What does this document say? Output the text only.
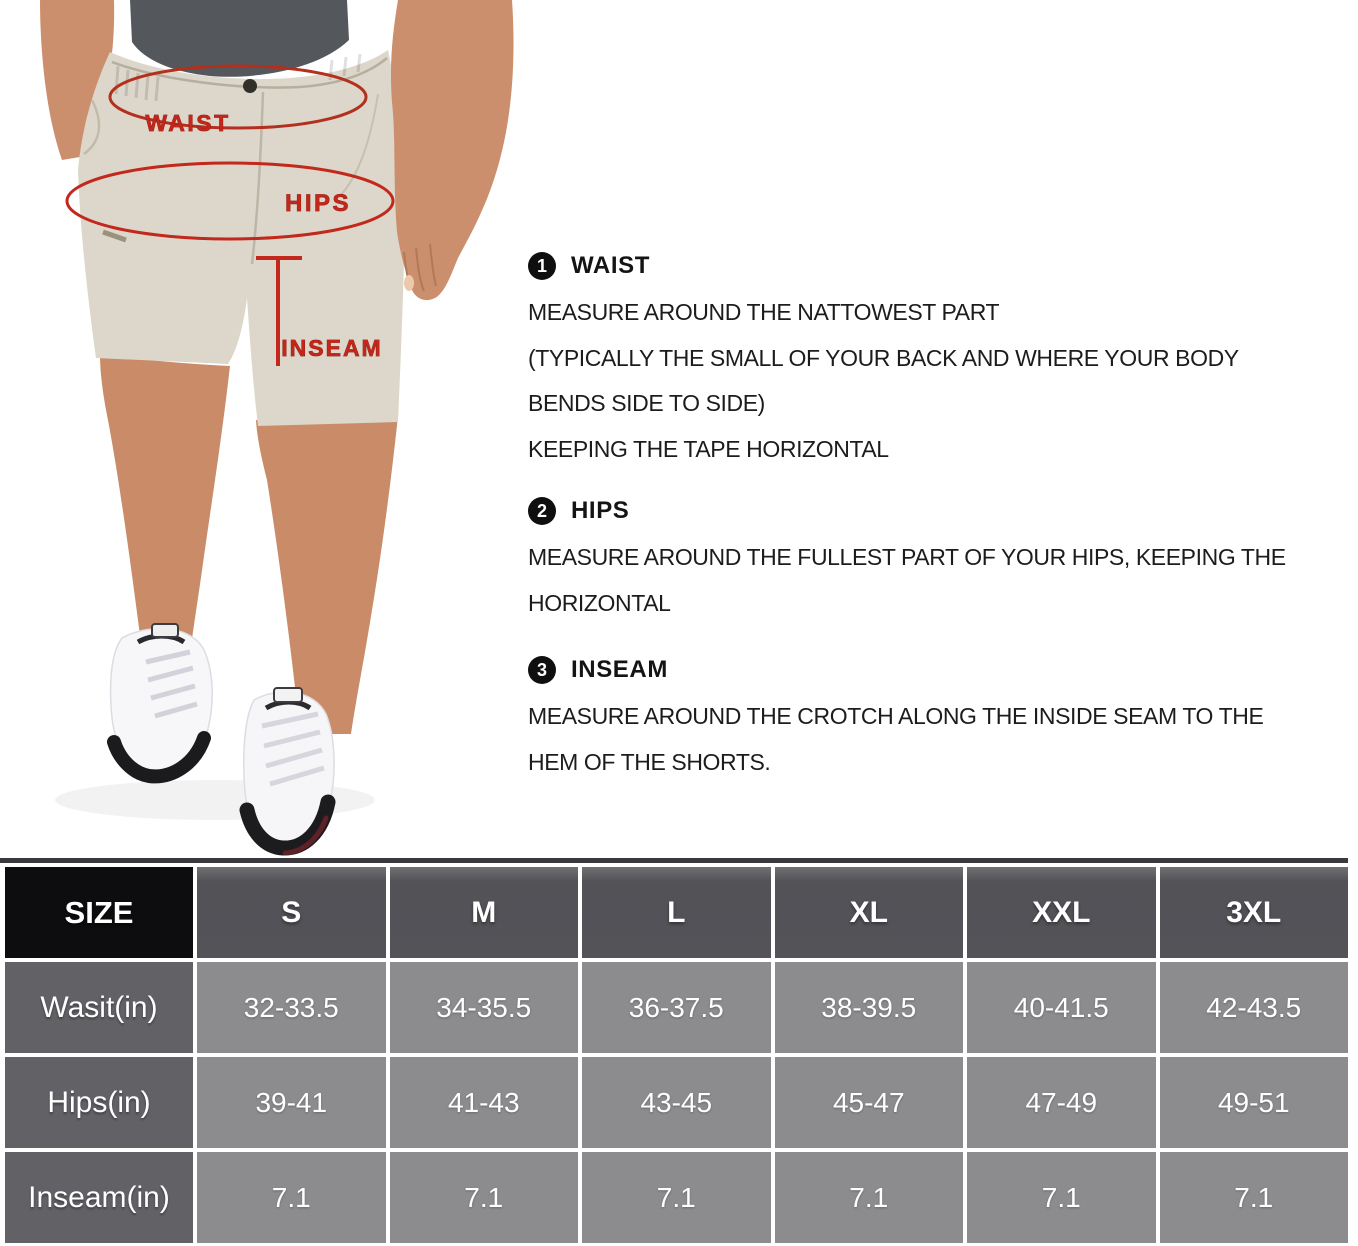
WAIST
HIPS
INSEAM
1	WAIST

MEASURE AROUND THE NATTOWEST PART

(TYPICALLY THE SMALL OF YOUR BACK AND WHERE YOUR BODY

BENDS SIDE TO SIDE)

KEEPING THE TAPE HORIZONTAL

2	HIPS

MEASURE AROUND THE FULLEST PART OF YOUR HIPS, KEEPING THE

HORIZONTAL

3	INSEAM

MEASURE AROUND THE CROTCH ALONG THE INSIDE SEAM TO THE

HEM OF THE SHORTS.

SIZE	S	M	L	XL	XXL	3XL
Wasit(in)	32-33.5	34-35.5	36-37.5	38-39.5	40-41.5	42-43.5
Hips(in)	39-41	41-43	43-45	45-47	47-49	49-51
Inseam(in)	7.1	7.1	7.1	7.1	7.1	7.1
